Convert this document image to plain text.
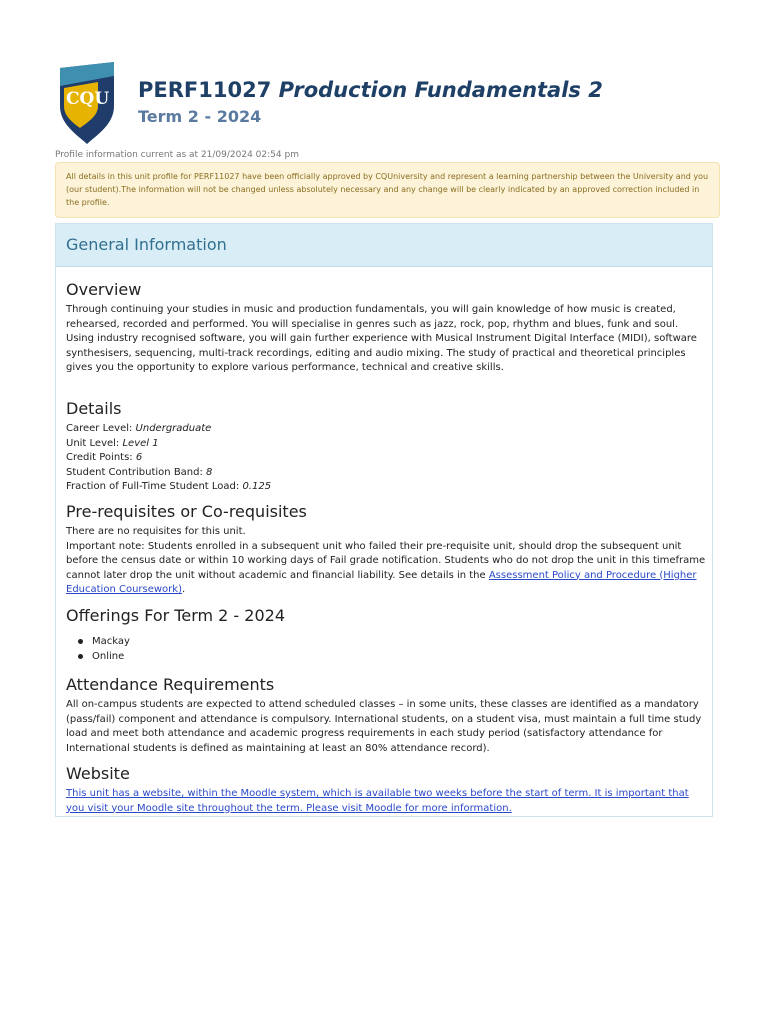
CQU PERF11027 Production Fundamentals 2
Term 2 - 2024
Profile information current as at 21/09/2024 02:54 pm
All details in this unit profile for PERF11027 have been officially approved by CQUniversity and represent a learning partnership between the University and you (our student).The information will not be changed unless absolutely necessary and any change will be clearly indicated by an approved correction included in the profile.
General Information
Overview
Through continuing your studies in music and production fundamentals, you will gain knowledge of how music is created, rehearsed, recorded and performed. You will specialise in genres such as jazz, rock, pop, rhythm and blues, funk and soul. Using industry recognised software, you will gain further experience with Musical Instrument Digital Interface (MIDI), software synthesisers, sequencing, multi-track recordings, editing and audio mixing. The study of practical and theoretical principles gives you the opportunity to explore various performance, technical and creative skills.
Details
Career Level: Undergraduate
Unit Level: Level 1
Credit Points: 6
Student Contribution Band: 8
Fraction of Full-Time Student Load: 0.125
Pre-requisites or Co-requisites
There are no requisites for this unit.
Important note: Students enrolled in a subsequent unit who failed their pre-requisite unit, should drop the subsequent unit before the census date or within 10 working days of Fail grade notification. Students who do not drop the unit in this timeframe cannot later drop the unit without academic and financial liability. See details in the Assessment Policy and Procedure (Higher Education Coursework).
Offerings For Term 2 - 2024
Mackay
Online
Attendance Requirements
All on-campus students are expected to attend scheduled classes – in some units, these classes are identified as a mandatory (pass/fail) component and attendance is compulsory. International students, on a student visa, must maintain a full time study load and meet both attendance and academic progress requirements in each study period (satisfactory attendance for International students is defined as maintaining at least an 80% attendance record).
Website
This unit has a website, within the Moodle system, which is available two weeks before the start of term. It is important that you visit your Moodle site throughout the term. Please visit Moodle for more information.
